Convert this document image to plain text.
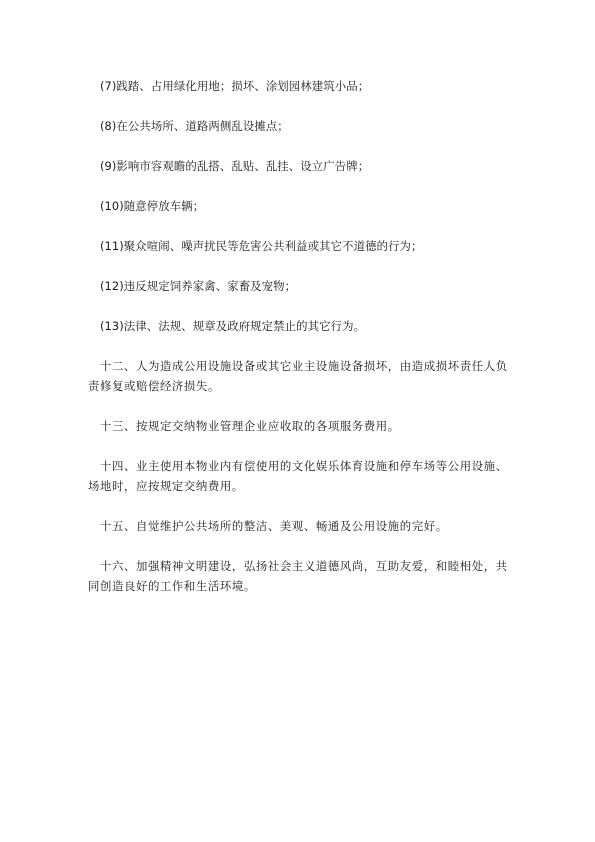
(7)践踏、占用绿化用地；损坏、涂划园林建筑小品；
(8)在公共场所、道路两侧乱设摊点；
(9)影响市容观瞻的乱搭、乱贴、乱挂、设立广告牌；
(10)随意停放车辆；
(11)聚众喧闹、噪声扰民等危害公共利益或其它不道德的行为；
(12)违反规定饲养家禽、家畜及宠物；
(13)法律、法规、规章及政府规定禁止的其它行为。

十二、人为造成公用设施设备或其它业主设施设备损坏，由造成损坏责任人负责修复或赔偿经济损失。

十三、按规定交纳物业管理企业应收取的各项服务费用。

十四、业主使用本物业内有偿使用的文化娱乐体育设施和停车场等公用设施、场地时，应按规定交纳费用。

十五、自觉维护公共场所的整洁、美观、畅通及公用设施的完好。

十六、加强精神文明建设，弘扬社会主义道德风尚，互助友爱，和睦相处，共同创造良好的工作和生活环境。
